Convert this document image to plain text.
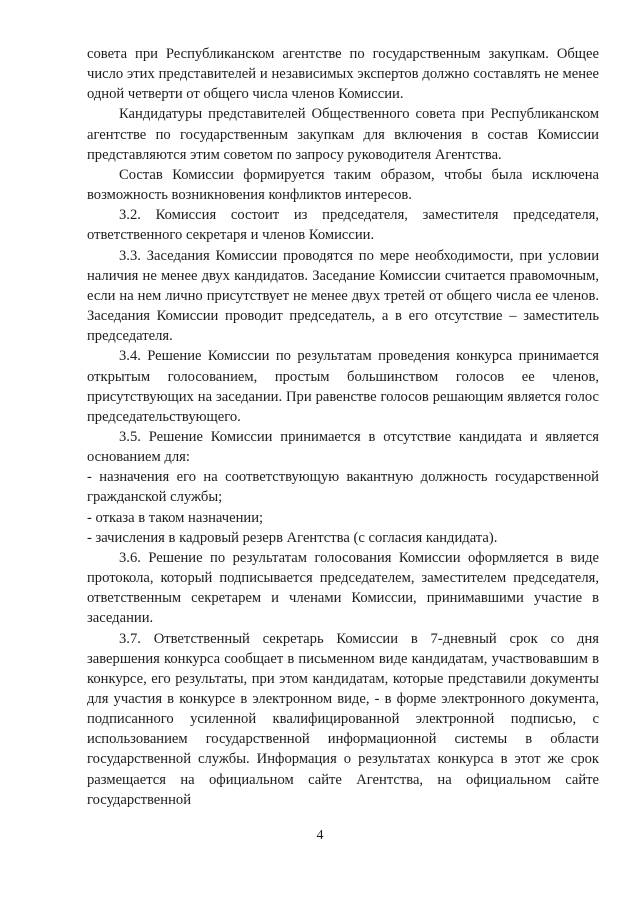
совета при Республиканском агентстве по государственным закупкам. Общее число этих представителей и независимых экспертов должно составлять не менее одной четверти от общего числа членов Комиссии.

Кандидатуры представителей Общественного совета при Республиканском агентстве по государственным закупкам для включения в состав Комиссии представляются этим советом по запросу руководителя Агентства.

Состав Комиссии формируется таким образом, чтобы была исключена возможность возникновения конфликтов интересов.

3.2. Комиссия состоит из председателя, заместителя председателя, ответственного секретаря и членов Комиссии.

3.3. Заседания Комиссии проводятся по мере необходимости, при условии наличия не менее двух кандидатов. Заседание Комиссии считается правомочным, если на нем лично присутствует не менее двух третей от общего числа ее членов. Заседания Комиссии проводит председатель, а в его отсутствие – заместитель председателя.

3.4. Решение Комиссии по результатам проведения конкурса принимается открытым голосованием, простым большинством голосов ее членов, присутствующих на заседании. При равенстве голосов решающим является голос председательствующего.

3.5. Решение Комиссии принимается в отсутствие кандидата и является основанием для:

- назначения его на соответствующую вакантную должность государственной гражданской службы;

- отказа в таком назначении;

- зачисления в кадровый резерв Агентства (с согласия кандидата).

3.6. Решение по результатам голосования Комиссии оформляется в виде протокола, который подписывается председателем, заместителем председателя, ответственным секретарем и членами Комиссии, принимавшими участие в заседании.

3.7. Ответственный секретарь Комиссии в 7-дневный срок со дня завершения конкурса сообщает в письменном виде кандидатам, участвовавшим в конкурсе, его результаты, при этом кандидатам, которые представили документы для участия в конкурсе в электронном виде, - в форме электронного документа, подписанного усиленной квалифицированной электронной подписью, с использованием государственной информационной системы в области государственной службы. Информация о результатах конкурса в этот же срок размещается на официальном сайте Агентства, на официальном сайте государственной

4
